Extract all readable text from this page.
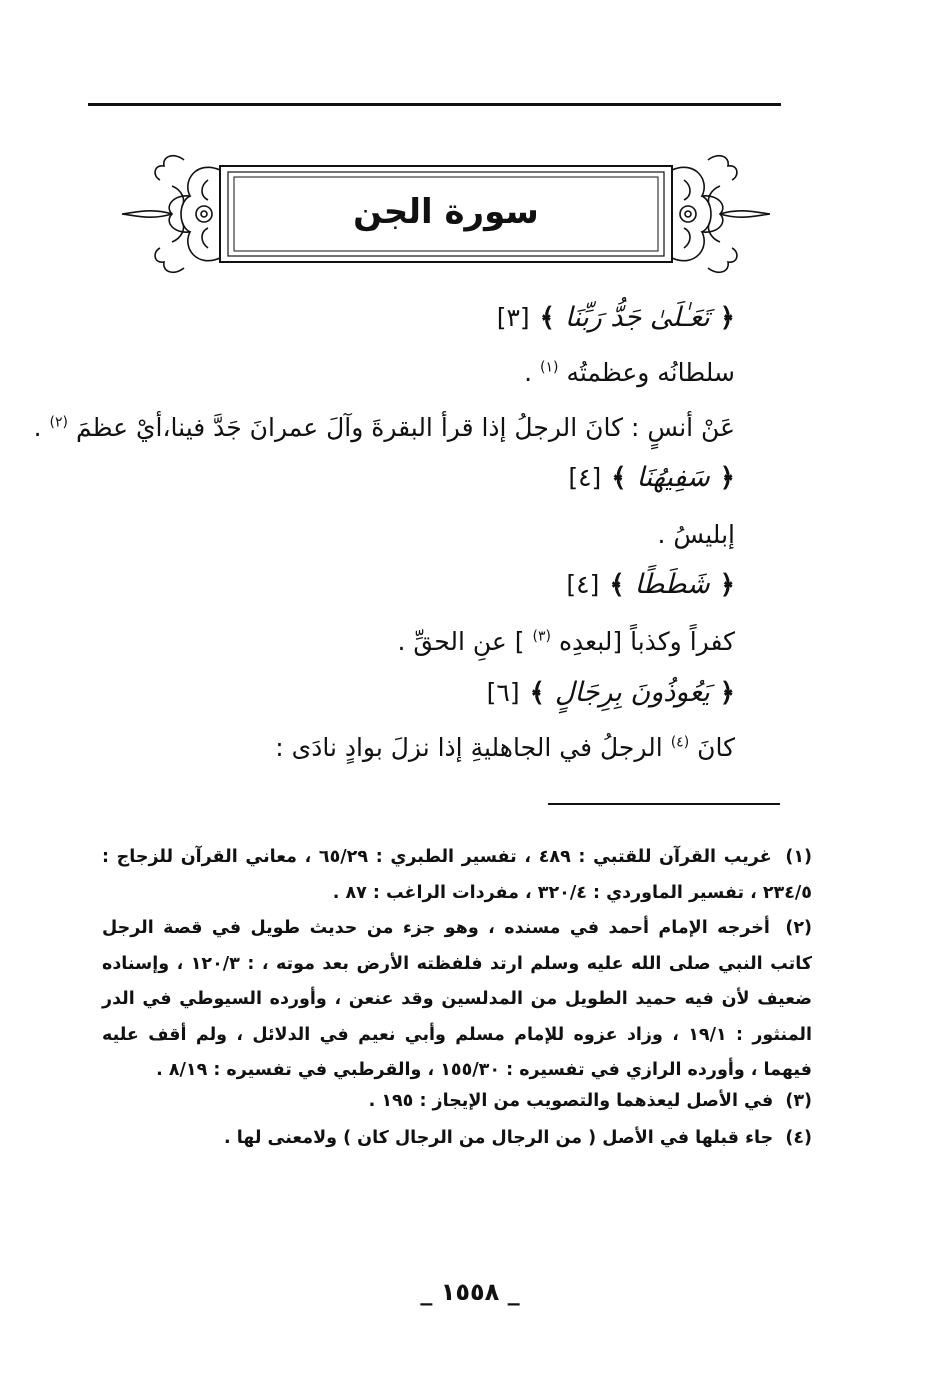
سورة الجن
﴿
تَعَـٰلَىٰ جَدُّ رَبِّنَا
﴾
[٣]
سلطانُه وعظمتُه $^{(١)}$ .
عَنْ أنسٍ : كانَ الرجلُ إذا قرأ البقرةَ وآلَ عمرانَ جَدَّ فينا،أيْ عظمَ $^{(٢)}$ .
﴿
سَفِيهُنَا
﴾
[٤]
إبليسُ .
﴿
شَطَطًا
﴾
[٤]
كفراً وكذباً [لبعدِه $^{(٣)}$ ] عنِ الحقِّ .
﴿
يَعُوذُونَ بِرِجَالٍ
﴾
[٦]
كانَ $^{(٤)}$ الرجلُ في الجاهليةِ إذا نزلَ بوادٍ نادَى :
(١) غريب القرآن للقتبي : ٤٨٩ ، تفسير الطبري : ٦٥/٢٩ ، معاني القرآن للزجاج : ٢٣٤/٥ ، تفسير الماوردي : ٣٢٠/٤ ، مفردات الراغب : ٨٧ .
(٢) أخرجه الإمام أحمد في مسنده ، وهو جزء من حديث طويل في قصة الرجل كاتب النبي صلى الله عليه وسلم ارتد فلفظته الأرض بعد موته ، : ١٢٠/٣ ، وإسناده ضعيف لأن فيه حميد الطويل من المدلسين وقد عنعن ، وأورده السيوطي في الدر المنثور : ١٩/١ ، وزاد عزوه للإمام مسلم وأبي نعيم في الدلائل ، ولم أقف عليه فيهما ، وأورده الرازي في تفسيره : ١٥٥/٣٠ ، والقرطبي في تفسيره : ٨/١٩ .
(٣) في الأصل ليعذهما والتصويب من الإيجاز : ١٩٥ .
(٤) جاء قبلها في الأصل ( من الرجال من الرجال كان ) ولامعنى لها .
_ ١٥٥٨ _
